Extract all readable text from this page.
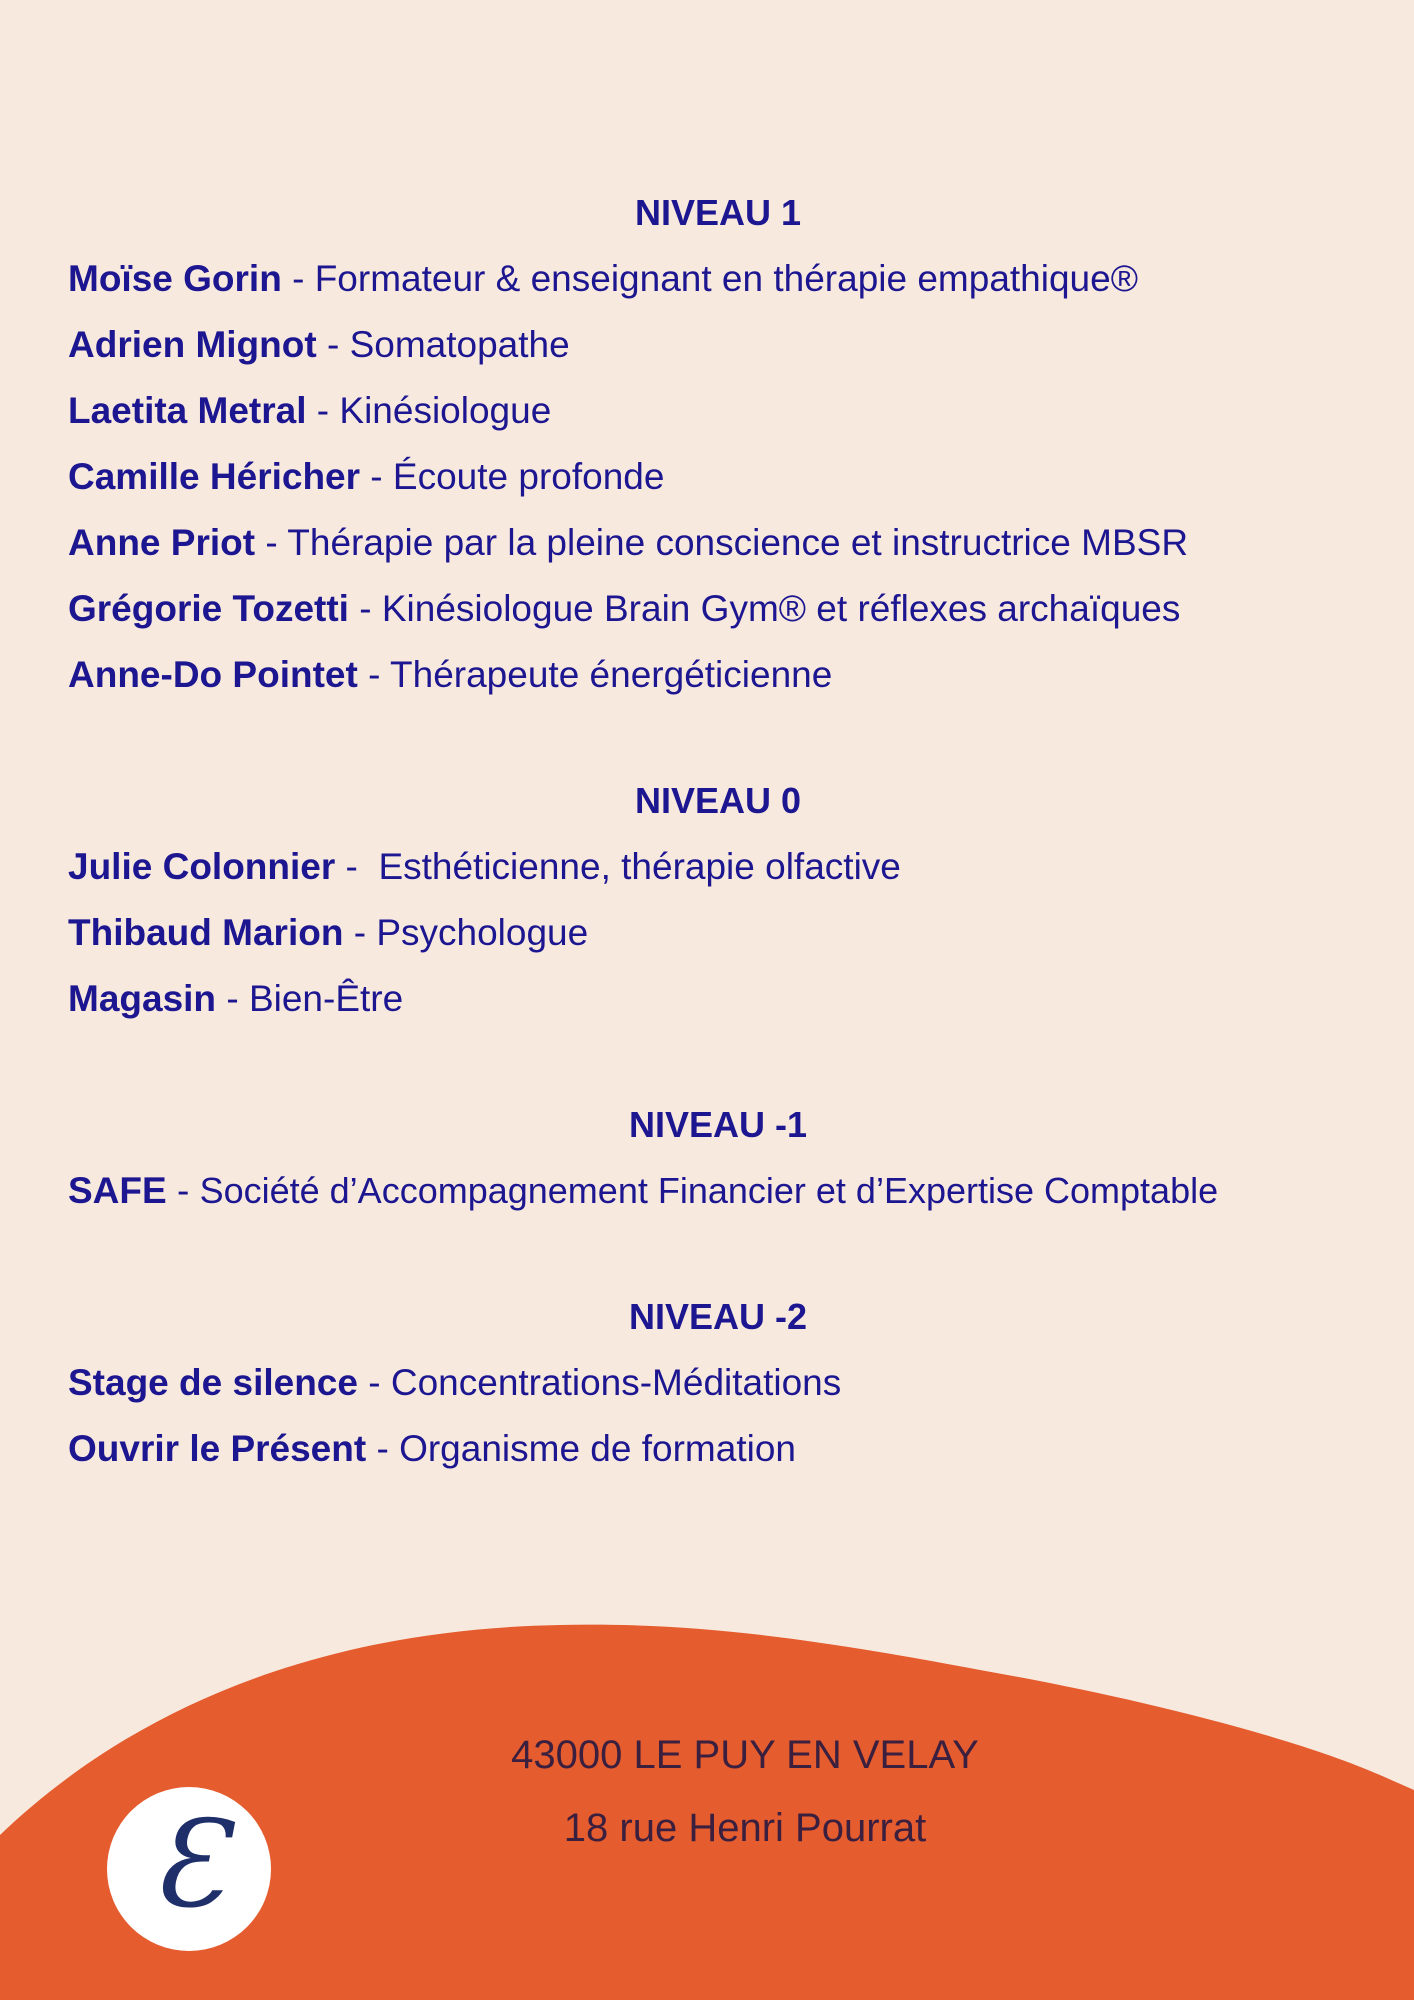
NIVEAU 1

Moïse Gorin - Formateur & enseignant en thérapie empathique®

Adrien Mignot - Somatopathe

Laetita Metral - Kinésiologue

Camille Héricher - Écoute profonde

Anne Priot - Thérapie par la pleine conscience et instructrice MBSR

Grégorie Tozetti - Kinésiologue Brain Gym® et réflexes archaïques

Anne-Do Pointet - Thérapeute énergéticienne

NIVEAU 0

Julie Colonnier -  Esthéticienne, thérapie olfactive

Thibaud Marion - Psychologue

Magasin - Bien-Être

NIVEAU -1

SAFE - Société d’Accompagnement Financier et d’Expertise Comptable

NIVEAU -2

Stage de silence - Concentrations-Méditations

Ouvrir le Présent - Organisme de formation

43000 LE PUY EN VELAY
18 rue Henri Pourrat
Ɛ
